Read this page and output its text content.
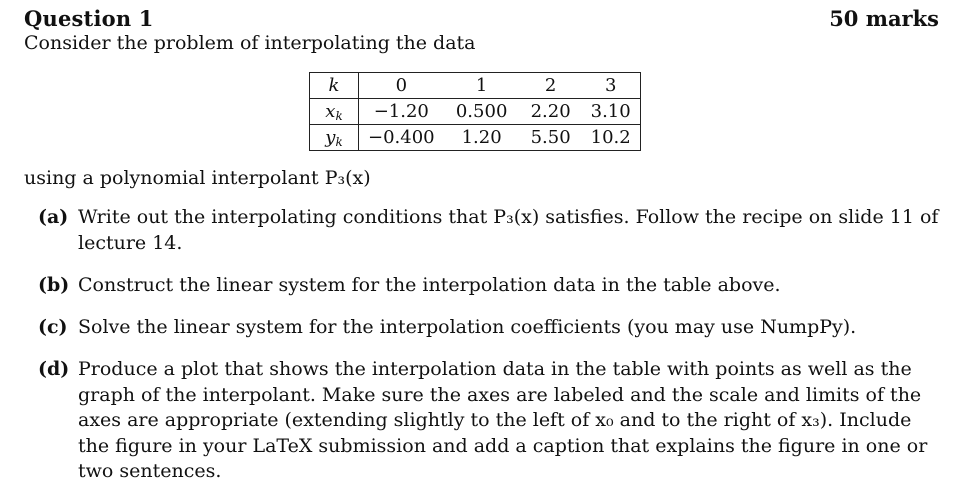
Question 1	50 marks
Consider the problem of interpolating the data
k	0	1	2	3
$x_k$	−1.20	0.500	2.20	3.10
$y_k$	−0.400	1.20	5.50	10.2
using a polynomial interpolant P₃(x)
(a) Write out the interpolating conditions that P₃(x) satisfies. Follow the recipe on slide 11 of lecture 14.
(b) Construct the linear system for the interpolation data in the table above.
(c) Solve the linear system for the interpolation coefficients (you may use NumpPy).
(d) Produce a plot that shows the interpolation data in the table with points as well as the graph of the interpolant. Make sure the axes are labeled and the scale and limits of the axes are appropriate (extending slightly to the left of x₀ and to the right of x₃). Include the figure in your LaTeX submission and add a caption that explains the figure in one or two sentences.
